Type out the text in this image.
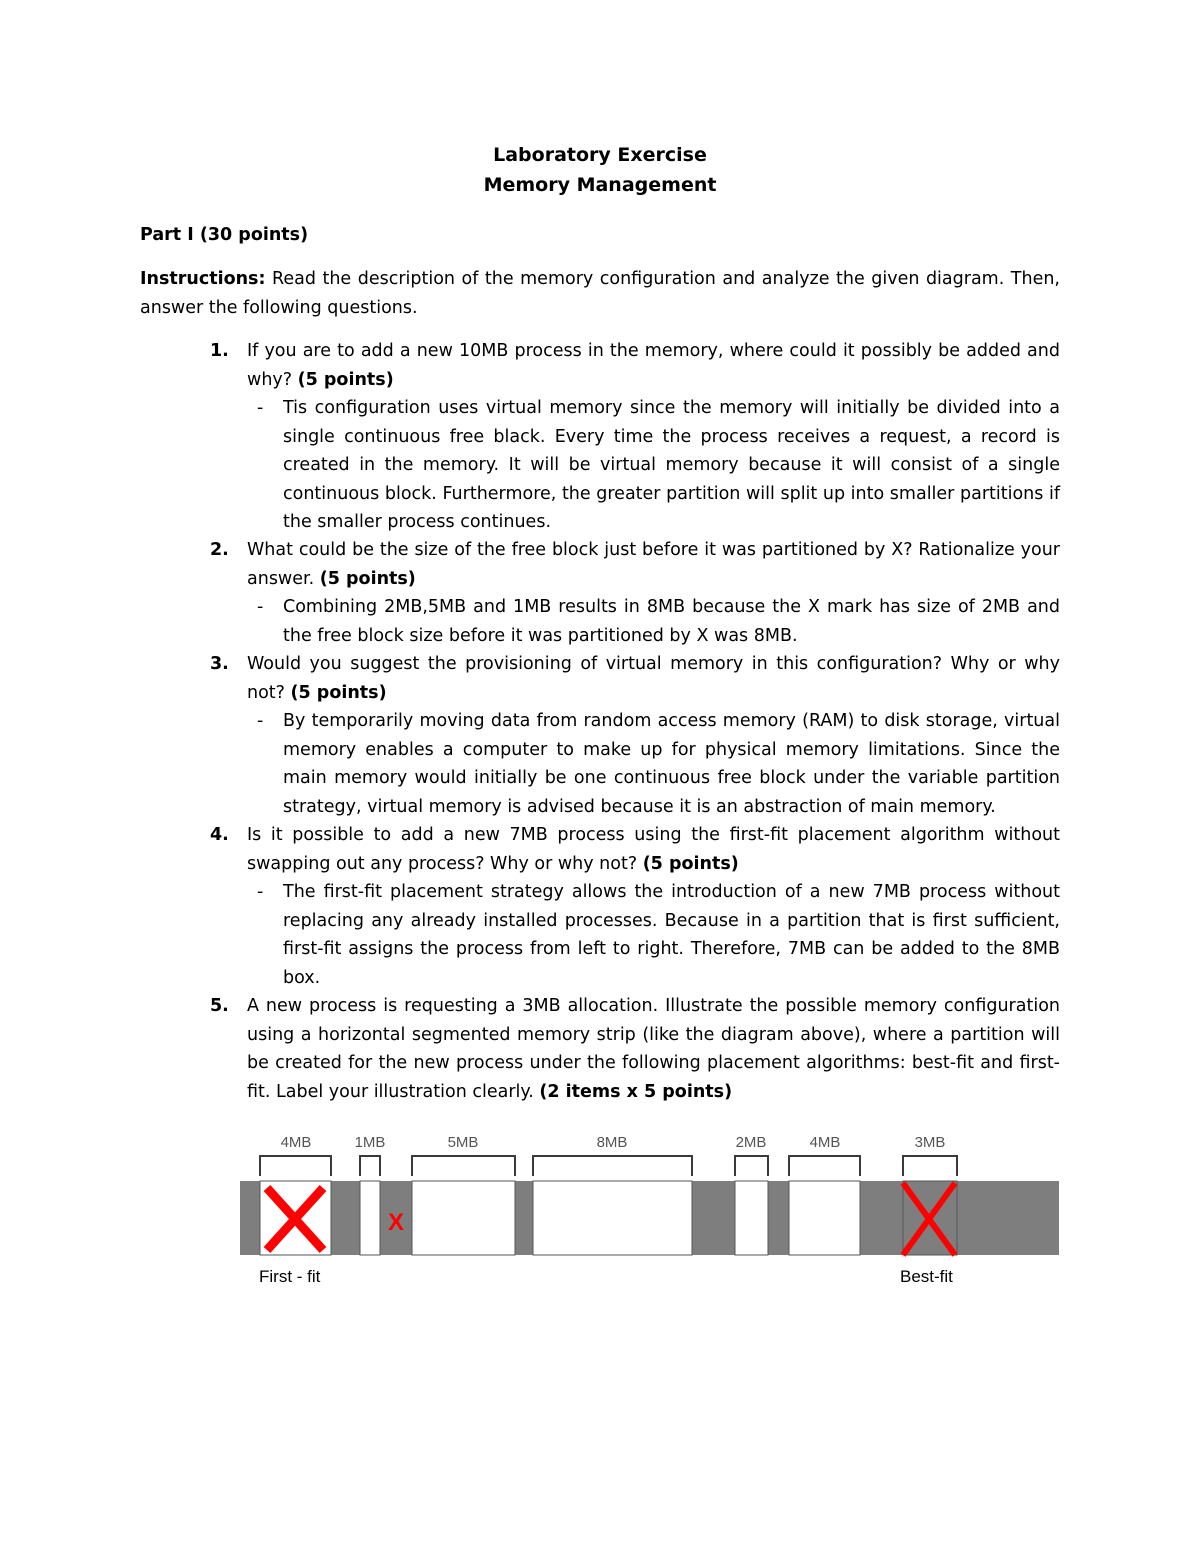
Laboratory Exercise
Memory Management
Part I (30 points)
Instructions: Read the description of the memory configuration and analyze the given diagram. Then, answer the following questions.
1. If you are to add a new 10MB process in the memory, where could it possibly be added and why? (5 points)
- Tis configuration uses virtual memory since the memory will initially be divided into a single continuous free black. Every time the process receives a request, a record is created in the memory. It will be virtual memory because it will consist of a single continuous block. Furthermore, the greater partition will split up into smaller partitions if the smaller process continues.
2. What could be the size of the free block just before it was partitioned by X? Rationalize your answer. (5 points)
- Combining 2MB,5MB and 1MB results in 8MB because the X mark has size of 2MB and the free block size before it was partitioned by X was 8MB.
3. Would you suggest the provisioning of virtual memory in this configuration? Why or why not? (5 points)
- By temporarily moving data from random access memory (RAM) to disk storage, virtual memory enables a computer to make up for physical memory limitations. Since the main memory would initially be one continuous free block under the variable partition strategy, virtual memory is advised because it is an abstraction of main memory.
4. Is it possible to add a new 7MB process using the first-fit placement algorithm without swapping out any process? Why or why not? (5 points)
- The first-fit placement strategy allows the introduction of a new 7MB process without replacing any already installed processes. Because in a partition that is first sufficient, first-fit assigns the process from left to right. Therefore, 7MB can be added to the 8MB box.
5. A new process is requesting a 3MB allocation. Illustrate the possible memory configuration using a horizontal segmented memory strip (like the diagram above), where a partition will be created for the new process under the following placement algorithms: best-fit and first-fit. Label your illustration clearly. (2 items x 5 points)
4MB	1MB	5MB	8MB	2MB	4MB	3MB
X
First - fit	Best-fit
